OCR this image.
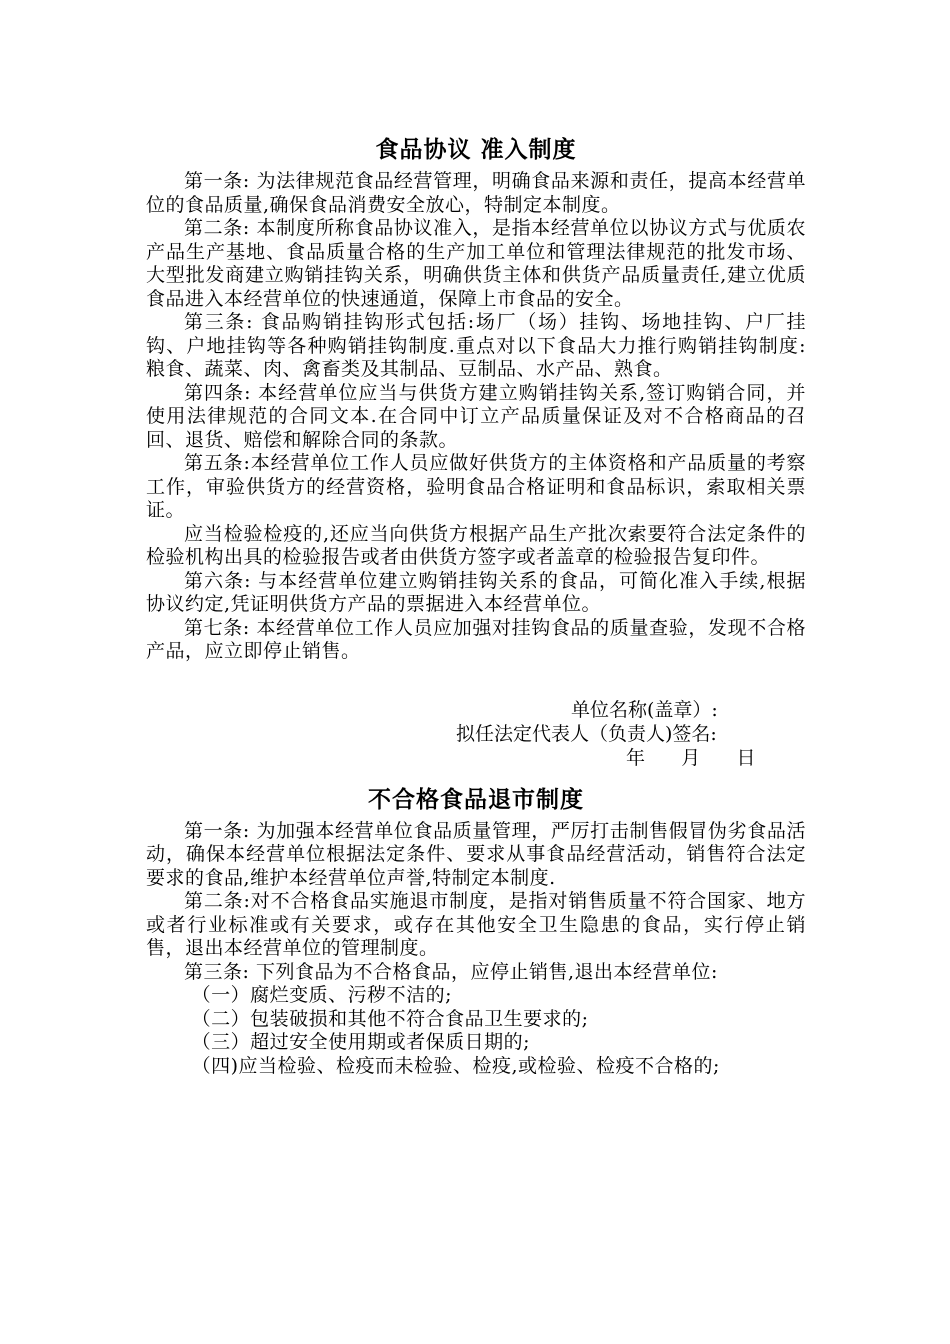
食品协议 准入制度

第一条: 为法律规范食品经营管理，明确食品来源和责任，提高本经营单位的食品质量,确保食品消费安全放心，特制定本制度。

第二条: 本制度所称食品协议准入，是指本经营单位以协议方式与优质农产品生产基地、食品质量合格的生产加工单位和管理法律规范的批发市场、大型批发商建立购销挂钩关系，明确供货主体和供货产品质量责任,建立优质食品进入本经营单位的快速通道，保障上市食品的安全。

第三条: 食品购销挂钩形式包括:场厂（场）挂钩、场地挂钩、户厂挂钩、户地挂钩等各种购销挂钩制度.重点对以下食品大力推行购销挂钩制度: 粮食、蔬菜、肉、禽畜类及其制品、豆制品、水产品、熟食。

第四条: 本经营单位应当与供货方建立购销挂钩关系,签订购销合同，并使用法律规范的合同文本.在合同中订立产品质量保证及对不合格商品的召回、退货、赔偿和解除合同的条款。

第五条:本经营单位工作人员应做好供货方的主体资格和产品质量的考察工作，审验供货方的经营资格，验明食品合格证明和食品标识，索取相关票证。

应当检验检疫的,还应当向供货方根据产品生产批次索要符合法定条件的检验机构出具的检验报告或者由供货方签字或者盖章的检验报告复印件。

第六条: 与本经营单位建立购销挂钩关系的食品，可简化准入手续,根据协议约定,凭证明供货方产品的票据进入本经营单位。

第七条: 本经营单位工作人员应加强对挂钩食品的质量查验，发现不合格产品，应立即停止销售。

单位名称(盖章）:

拟任法定代表人（负责人)签名:

年      月      日

不合格食品退市制度

第一条: 为加强本经营单位食品质量管理，严厉打击制售假冒伪劣食品活动，确保本经营单位根据法定条件、要求从事食品经营活动，销售符合法定要求的食品,维护本经营单位声誉,特制定本制度.

第二条:对不合格食品实施退市制度，是指对销售质量不符合国家、地方或者行业标准或有关要求，或存在其他安全卫生隐患的食品，实行停止销售，退出本经营单位的管理制度。

第三条: 下列食品为不合格食品，应停止销售,退出本经营单位:

（一）腐烂变质、污秽不洁的;

（二）包装破损和其他不符合食品卫生要求的;

（三）超过安全使用期或者保质日期的;

（四)应当检验、检疫而未检验、检疫,或检验、检疫不合格的;
